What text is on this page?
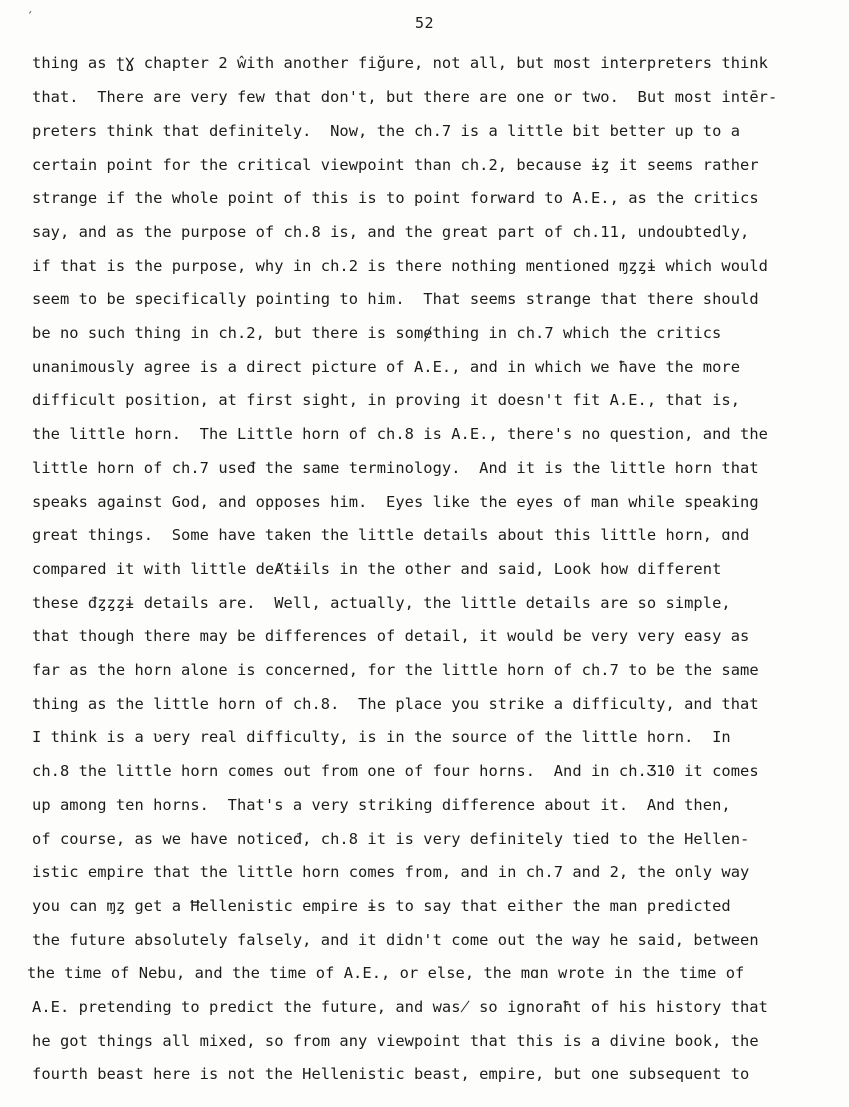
´	52
thing as ʈƔ chapter 2 ŵith another fiğure, not all, but most interpreters think
that.  There are very few that don't, but there are one or two.  But most intēr-
preters think that definitely.  Now, the ch.7 is a little bit better up to a
certain point for the critical viewpoint than ch.2, because ɨȥ it seems rather
strange if the whole point of this is to point forward to A.E., as the critics
say, and as the purpose of ch.8 is, and the great part of ch.11, undoubtedly,
if that is the purpose, why in ch.2 is there nothing mentioned ɱȥȥɨ which would
seem to be specifically pointing to him.  That seems strange that there should
be no such thing in ch.2, but there is somɇthing in ch.7 which the critics
unanimously agree is a direct picture of A.E., and in which we ħave the more
difficult position, at first sight, in proving it doesn't fit A.E., that is,
the little horn.  The Little horn of ch.8 is A.E., there's no question, and the
little horn of ch.7 useđ the same terminology.  And it is the little horn that
speaks against God, and opposes him.  Eyes like the eyes of man while speaking
great things.  Some have taken the little details about this little horn, ɑnd
compared it with little deȺtɨils in the other and said, Look how different
these đȥȥȥɨ details are.  Well, actually, the little details are so simple,
that though there may be differences of detail, it would be very very easy as
far as the horn alone is concerned, for the little horn of ch.7 to be the same
thing as the little horn of ch.8.  The place you strike a difficulty, and that
I think is a ʋery real difficulty, is in the source of the little horn.  In
ch.8 the little horn comes out from one of four horns.  And in ch.Ʒ10 it comes
up among ten horns.  That's a very striking difference about it.  And then,
of course, as we have noticeđ, ch.8 it is very definitely tied to the Hellen-
istic empire that the little horn comes from, and in ch.7 and 2, the only way
you can ɱȥ get a Ħellenistic empire ɨs to say that either the man predicted
the future absolutely falsely, and it didn't come out the way he said, between
the time of Nebu, and the time of A.E., or else, the mɑn wrote in the time of
A.E. pretending to predict the future, and was̸ so ignoraħt of his history that
he got things all mixed, so from any viewpoint that this is a divine book, the
fourth beast here is not the Hellenistic beast, empire, but one subsequent to
